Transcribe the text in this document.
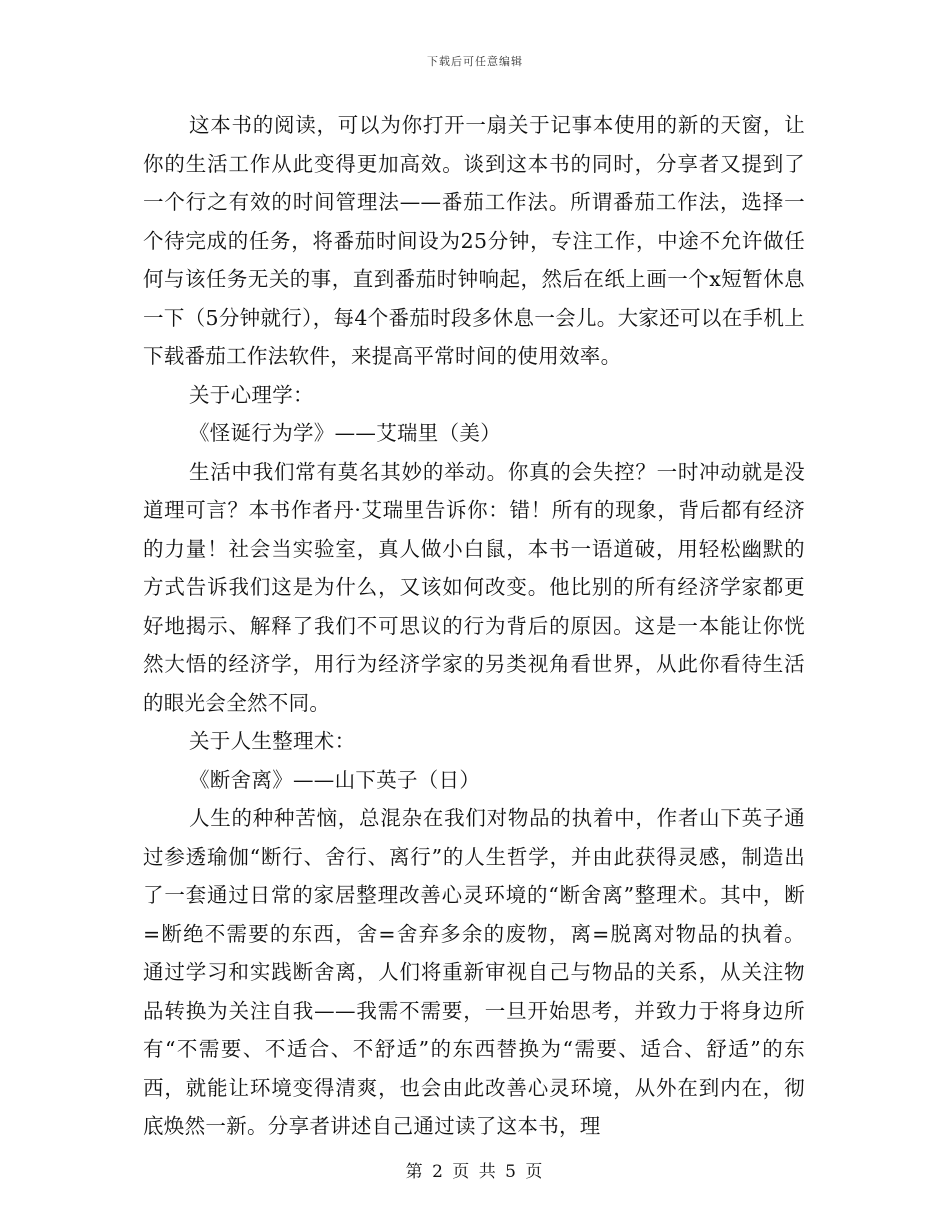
下载后可任意编辑

这本书的阅读，可以为你打开一扇关于记事本使用的新的天窗，让你的生活工作从此变得更加高效。谈到这本书的同时，分享者又提到了一个行之有效的时间管理法——番茄工作法。所谓番茄工作法，选择一个待完成的任务，将番茄时间设为25分钟，专注工作，中途不允许做任何与该任务无关的事，直到番茄时钟响起，然后在纸上画一个x短暂休息一下（5分钟就行），每4个番茄时段多休息一会儿。大家还可以在手机上下载番茄工作法软件，来提高平常时间的使用效率。

关于心理学：

《怪诞行为学》——艾瑞里（美）

生活中我们常有莫名其妙的举动。你真的会失控？一时冲动就是没道理可言？本书作者丹·艾瑞里告诉你：错！所有的现象，背后都有经济的力量！社会当实验室，真人做小白鼠，本书一语道破，用轻松幽默的方式告诉我们这是为什么，又该如何改变。他比别的所有经济学家都更好地揭示、解释了我们不可思议的行为背后的原因。这是一本能让你恍然大悟的经济学，用行为经济学家的另类视角看世界，从此你看待生活的眼光会全然不同。

关于人生整理术：

《断舍离》——山下英子（日）

人生的种种苦恼，总混杂在我们对物品的执着中，作者山下英子通过参透瑜伽“断行、舍行、离行”的人生哲学，并由此获得灵感，制造出了一套通过日常的家居整理改善心灵环境的“断舍离”整理术。其中，断=断绝不需要的东西，舍=舍弃多余的废物，离=脱离对物品的执着。 通过学习和实践断舍离，人们将重新审视自己与物品的关系，从关注物品转换为关注自我——我需不需要，一旦开始思考，并致力于将身边所有“不需要、不适合、不舒适”的东西替换为“需要、适合、舒适”的东西，就能让环境变得清爽，也会由此改善心灵环境，从外在到内在，彻底焕然一新。分享者讲述自己通过读了这本书，理

第 2 页 共 5 页
